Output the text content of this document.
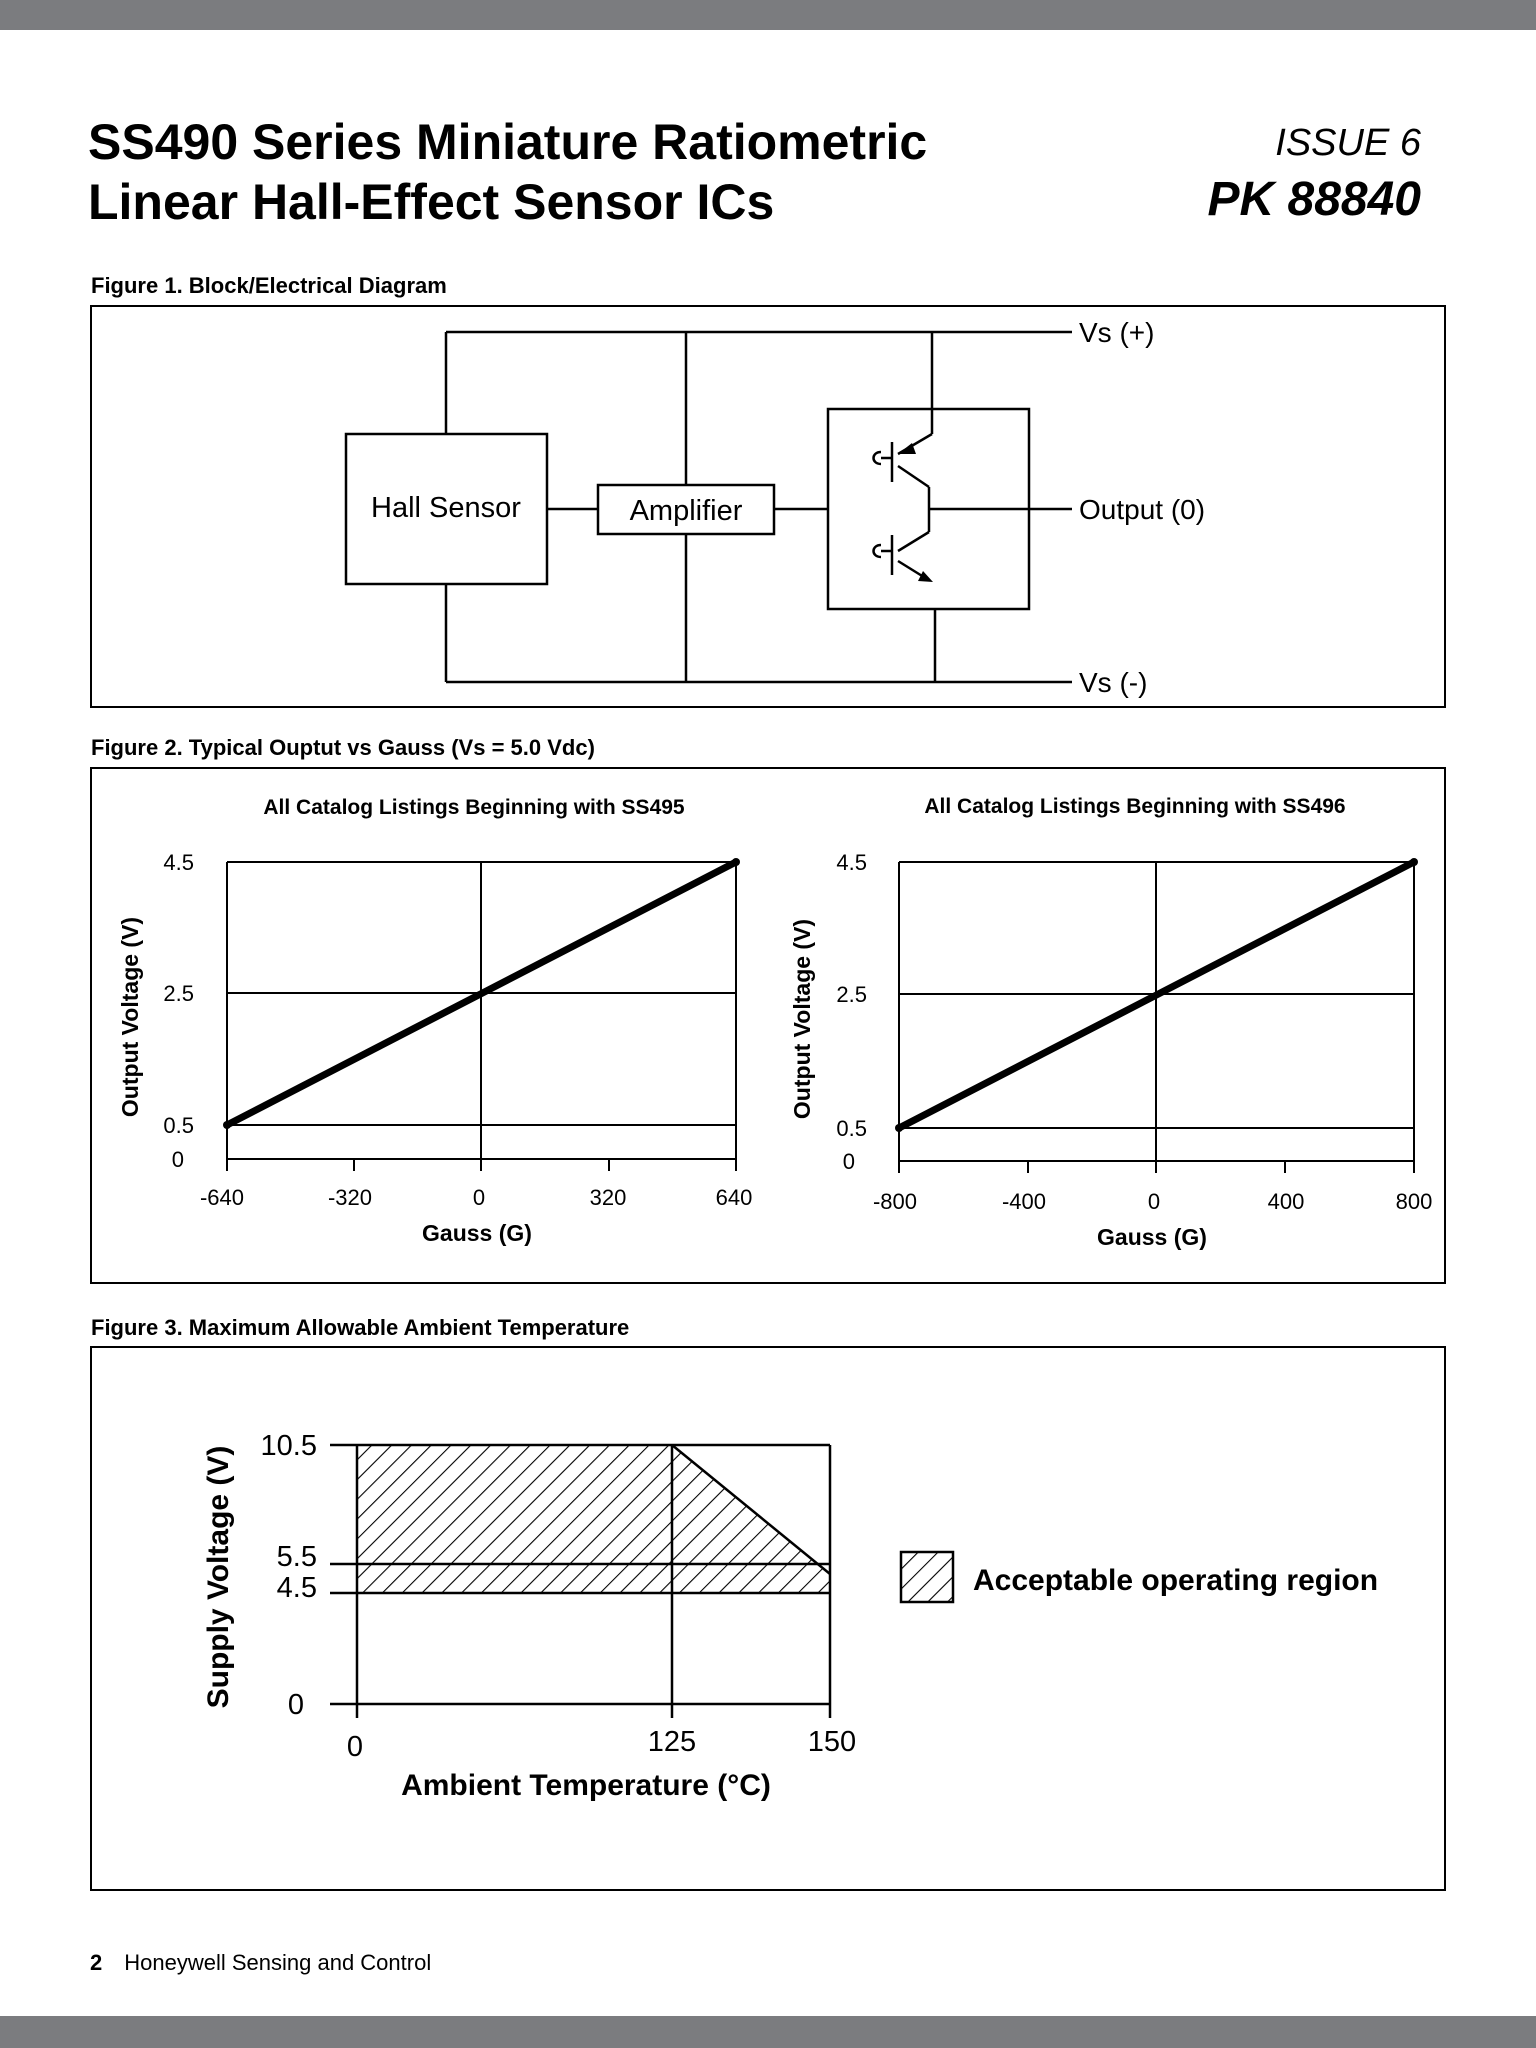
SS490 Series Miniature Ratiometric
Linear Hall-Effect Sensor ICs
ISSUE 6
PK 88840
Figure 1. Block/Electrical Diagram
Hall Sensor	Amplifier
Vs (+)
Output (0)
Vs (-)
Figure 2. Typical Ouptut vs Gauss (Vs = 5.0 Vdc)
All Catalog Listings Beginning with SS495
4.5
2.5
0.5
0
-640	-320	0	320	640
Gauss (G)
Output Voltage (V)
All Catalog Listings Beginning with SS496
4.5
2.5
0.5
0
-800	-400	0	400	800
Gauss (G)
Output Voltage (V)
Figure 3. Maximum Allowable Ambient Temperature
10.5
5.5
4.5
0
0	125	150
Ambient Temperature (°C)
Supply Voltage (V)	Acceptable operating region
2 Honeywell Sensing and Control
